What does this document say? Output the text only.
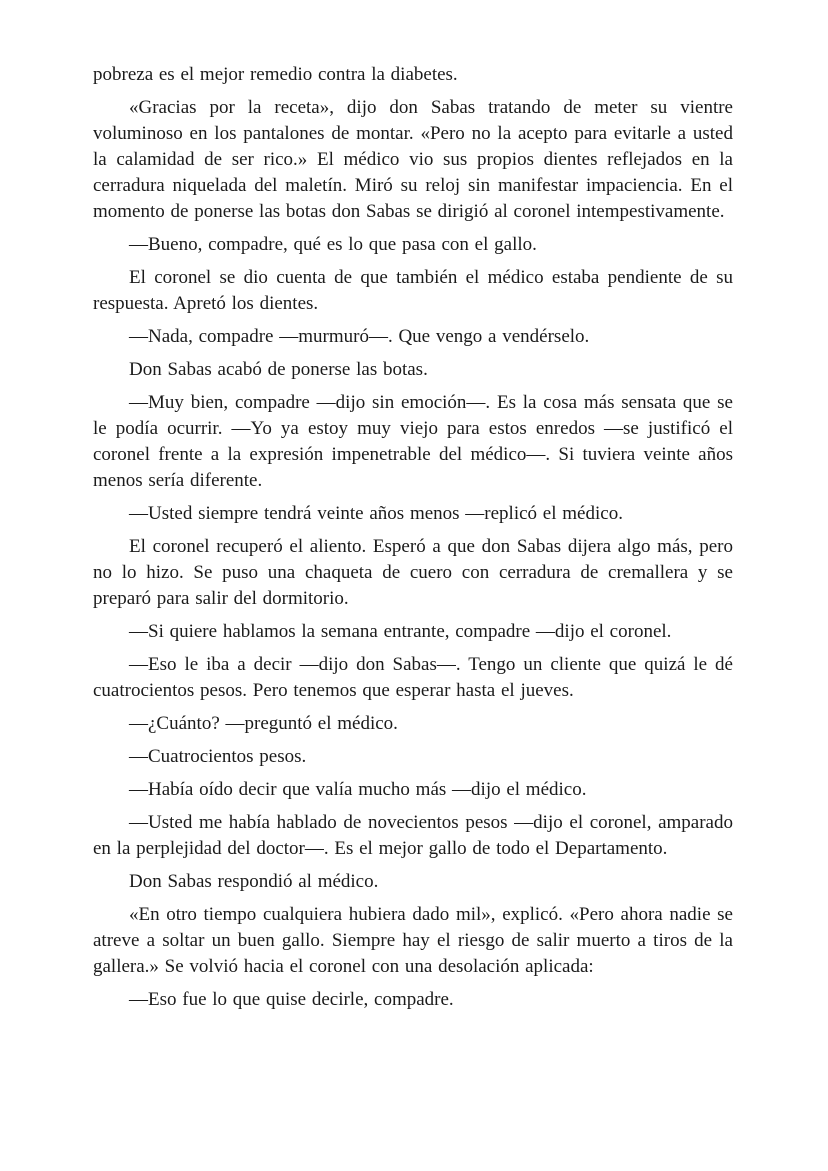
pobreza es el mejor remedio contra la diabetes.

«Gracias por la receta», dijo don Sabas tratando de meter su vientre voluminoso en los pantalones de montar. «Pero no la acepto para evitarle a usted la calamidad de ser rico.» El médico vio sus propios dientes reflejados en la cerradura niquelada del maletín. Miró su reloj sin manifestar impaciencia. En el momento de ponerse las botas don Sabas se dirigió al coronel intempestivamente.

—Bueno, compadre, qué es lo que pasa con el gallo.

El coronel se dio cuenta de que también el médico estaba pendiente de su respuesta. Apretó los dientes.

—Nada, compadre —murmuró—. Que vengo a vendérselo.

Don Sabas acabó de ponerse las botas.

—Muy bien, compadre —dijo sin emoción—. Es la cosa más sensata que se le podía ocurrir. —Yo ya estoy muy viejo para estos enredos —se justificó el coronel frente a la expresión impenetrable del médico—. Si tuviera veinte años menos sería diferente.

—Usted siempre tendrá veinte años menos —replicó el médico.

El coronel recuperó el aliento. Esperó a que don Sabas dijera algo más, pero no lo hizo. Se puso una chaqueta de cuero con cerradura de cremallera y se preparó para salir del dormitorio.

—Si quiere hablamos la semana entrante, compadre —dijo el coronel.

—Eso le iba a decir —dijo don Sabas—. Tengo un cliente que quizá le dé cuatrocientos pesos. Pero tenemos que esperar hasta el jueves.

—¿Cuánto? —preguntó el médico.

—Cuatrocientos pesos.

—Había oído decir que valía mucho más —dijo el médico.

—Usted me había hablado de novecientos pesos —dijo el coronel, amparado en la perplejidad del doctor—. Es el mejor gallo de todo el Departamento.

Don Sabas respondió al médico.

«En otro tiempo cualquiera hubiera dado mil», explicó. «Pero ahora nadie se atreve a soltar un buen gallo. Siempre hay el riesgo de salir muerto a tiros de la gallera.» Se volvió hacia el coronel con una desolación aplicada:

—Eso fue lo que quise decirle, compadre.
